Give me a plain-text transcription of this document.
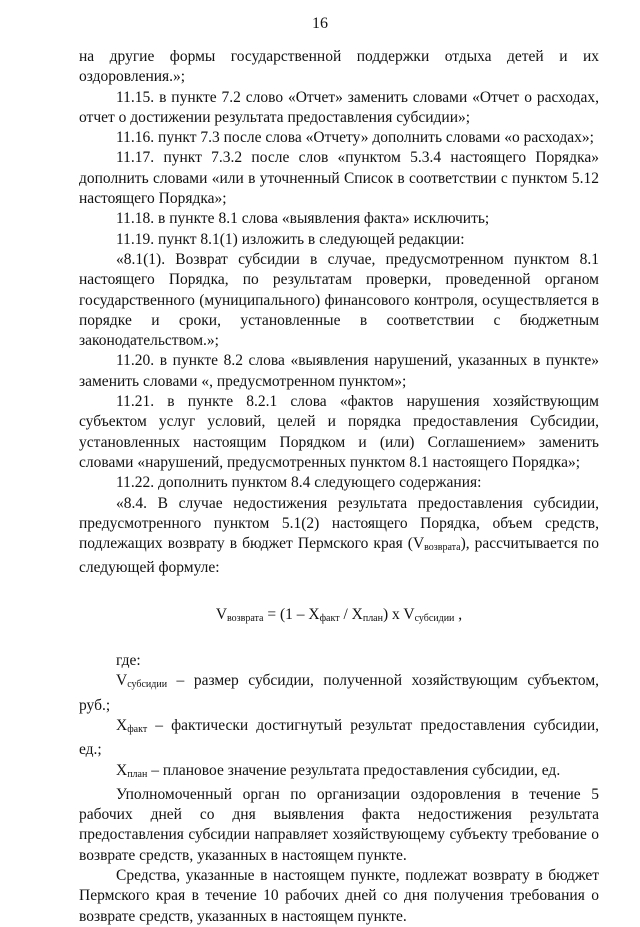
16

на другие формы государственной поддержки отдыха детей и их оздоровления.»;

11.15. в пункте 7.2 слово «Отчет» заменить словами «Отчет о расходах, отчет о достижении результата предоставления субсидии»;

11.16. пункт 7.3 после слова «Отчету» дополнить словами «о расходах»;

11.17. пункт 7.3.2 после слов «пунктом 5.3.4 настоящего Порядка» дополнить словами «или в уточненный Список в соответствии с пунктом 5.12 настоящего Порядка»;

11.18. в пункте 8.1 слова «выявления факта» исключить;

11.19. пункт 8.1(1) изложить в следующей редакции:

«8.1(1). Возврат субсидии в случае, предусмотренном пунктом 8.1 настоящего Порядка, по результатам проверки, проведенной органом государственного (муниципального) финансового контроля, осуществляется в порядке и сроки, установленные в соответствии с бюджетным законодательством.»;

11.20. в пункте 8.2 слова «выявления нарушений, указанных в пункте» заменить словами «, предусмотренном пунктом»;

11.21. в пункте 8.2.1 слова «фактов нарушения хозяйствующим субъектом услуг условий, целей и порядка предоставления Субсидии, установленных настоящим Порядком и (или) Соглашением» заменить словами «нарушений, предусмотренных пунктом 8.1 настоящего Порядка»;

11.22. дополнить пунктом 8.4 следующего содержания:

«8.4. В случае недостижения результата предоставления субсидии, предусмотренного пунктом 5.1(2) настоящего Порядка, объем средств, подлежащих возврату в бюджет Пермского края $(V_{возврата})$, рассчитывается по следующей формуле:

$V_{возврата} = (1 - X_{факт} / X_{план})$ x $V_{субсидии}$ ,

где:

$V_{субсидии}$ – размер субсидии, полученной хозяйствующим субъектом, руб.;

$X_{факт}$ – фактически достигнутый результат предоставления субсидии, ед.;

$X_{план}$ – плановое значение результата предоставления субсидии, ед.

Уполномоченный орган по организации оздоровления в течение 5 рабочих дней со дня выявления факта недостижения результата предоставления субсидии направляет хозяйствующему субъекту требование о возврате средств, указанных в настоящем пункте.

Средства, указанные в настоящем пункте, подлежат возврату в бюджет Пермского края в течение 10 рабочих дней со дня получения требования о возврате средств, указанных в настоящем пункте.
